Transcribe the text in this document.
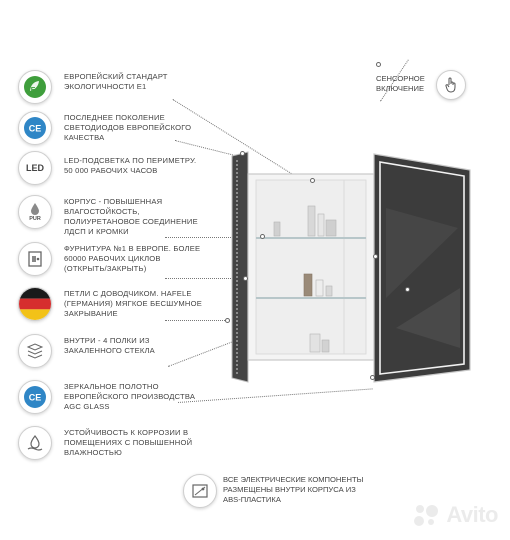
E1
ЕВРОПЕЙСКИЙ СТАНДАРТ ЭКОЛОГИЧНОСТИ E1
CE
ПОСЛЕДНЕЕ ПОКОЛЕНИЕ СВЕТОДИОДОВ ЕВРОПЕЙСКОГО КАЧЕСТВА
LED
LED-ПОДСВЕТКА ПО ПЕРИМЕТРУ. 50 000 РАБОЧИХ ЧАСОВ
PUR
КОРПУС - ПОВЫШЕННАЯ ВЛАГОСТОЙКОСТЬ, ПОЛИУРЕТАНОВОЕ СОЕДИНЕНИЕ ЛДСП И КРОМКИ
ФУРНИТУРА №1 В ЕВРОПЕ. БОЛЕЕ 60000 РАБОЧИХ ЦИКЛОВ (ОТКРЫТЬ/ЗАКРЫТЬ)
ПЕТЛИ С ДОВОДЧИКОМ. HAFELE (ГЕРМАНИЯ) МЯГКОЕ БЕСШУМНОЕ ЗАКРЫВАНИЕ
ВНУТРИ - 4 ПОЛКИ ИЗ ЗАКАЛЕННОГО СТЕКЛА
CE
ЗЕРКАЛЬНОЕ ПОЛОТНО ЕВРОПЕЙСКОГО ПРОИЗВОДСТВА AGC GLASS
УСТОЙЧИВОСТЬ К КОРРОЗИИ В ПОМЕЩЕНИЯХ С ПОВЫШЕННОЙ ВЛАЖНОСТЬЮ
СЕНСОРНОЕ ВКЛЮЧЕНИЕ
ВСЕ ЭЛЕКТРИЧЕСКИЕ КОМПОНЕНТЫ РАЗМЕЩЕНЫ ВНУТРИ КОРПУСА ИЗ ABS-ПЛАСТИКА
Avito
